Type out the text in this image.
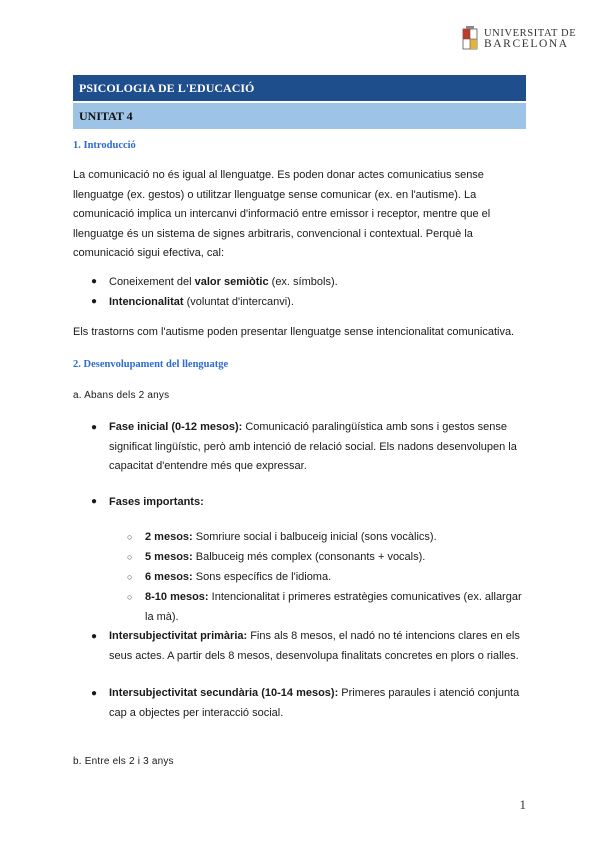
UNIVERSITAT DE
BARCELONA
PSICOLOGIA DE L'EDUCACIÓ
UNITAT 4
1. Introducció
La comunicació no és igual al llenguatge. Es poden donar actes comunicatius sense
llenguatge (ex. gestos) o utilitzar llenguatge sense comunicar (ex. en l'autisme). La
comunicació implica un intercanvi d'informació entre emissor i receptor, mentre que el
llenguatge és un sistema de signes arbitraris, convencional i contextual. Perquè la
comunicació sigui efectiva, cal:
● Coneixement del valor semiòtic (ex. símbols).
● Intencionalitat (voluntat d'intercanvi).
Els trastorns com l'autisme poden presentar llenguatge sense intencionalitat comunicativa.
2. Desenvolupament del llenguatge
a. Abans dels 2 anys
● Fase inicial (0-12 mesos): Comunicació paralingüística amb sons i gestos sense
significat lingüístic, però amb intenció de relació social. Els nadons desenvolupen la
capacitat d'entendre més que expressar.
● Fases importants:
○ 2 mesos: Somriure social i balbuceig inicial (sons vocàlics).
○ 5 mesos: Balbuceig més complex (consonants + vocals).
○ 6 mesos: Sons específics de l'idioma.
○ 8-10 mesos: Intencionalitat i primeres estratègies comunicatives (ex. allargar
la mà).
● Intersubjectivitat primària: Fins als 8 mesos, el nadó no té intencions clares en els
seus actes. A partir dels 8 mesos, desenvolupa finalitats concretes en plors o rialles.
● Intersubjectivitat secundària (10-14 mesos): Primeres paraules i atenció conjunta
cap a objectes per interacció social.
b. Entre els 2 i 3 anys
1
